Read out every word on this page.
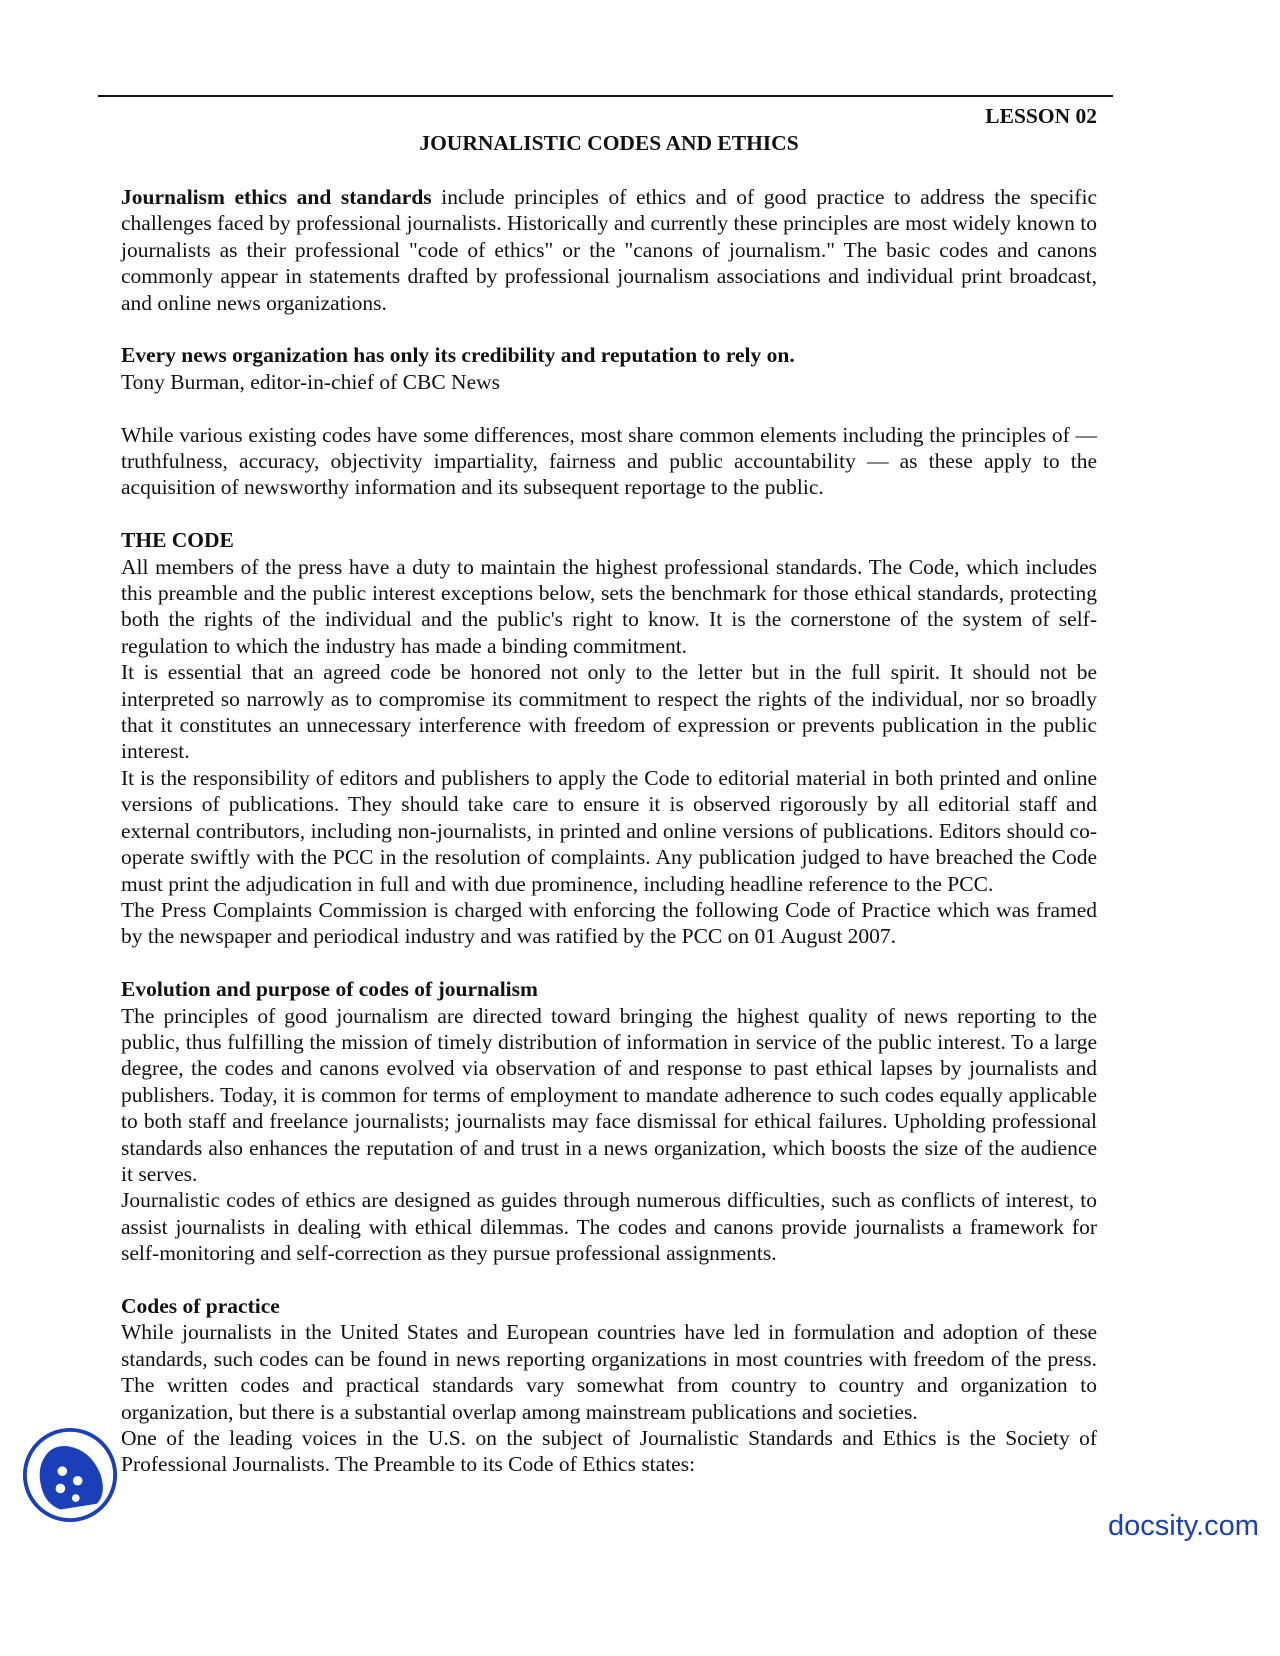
LESSON 02
JOURNALISTIC CODES AND ETHICS

Journalism ethics and standards include principles of ethics and of good practice to address the specific challenges faced by professional journalists. Historically and currently these principles are most widely known to journalists as their professional "code of ethics" or the "canons of journalism." The basic codes and canons commonly appear in statements drafted by professional journalism associations and individual print broadcast, and online news organizations.

Every news organization has only its credibility and reputation to rely on.

Tony Burman, editor-in-chief of CBC News

While various existing codes have some differences, most share common elements including the principles of — truthfulness, accuracy, objectivity impartiality, fairness and public accountability — as these apply to the acquisition of newsworthy information and its subsequent reportage to the public.

THE CODE

All members of the press have a duty to maintain the highest professional standards. The Code, which includes this preamble and the public interest exceptions below, sets the benchmark for those ethical standards, protecting both the rights of the individual and the public's right to know. It is the cornerstone of the system of self-regulation to which the industry has made a binding commitment.

It is essential that an agreed code be honored not only to the letter but in the full spirit. It should not be interpreted so narrowly as to compromise its commitment to respect the rights of the individual, nor so broadly that it constitutes an unnecessary interference with freedom of expression or prevents publication in the public interest.

It is the responsibility of editors and publishers to apply the Code to editorial material in both printed and online versions of publications. They should take care to ensure it is observed rigorously by all editorial staff and external contributors, including non-journalists, in printed and online versions of publications. Editors should co-operate swiftly with the PCC in the resolution of complaints. Any publication judged to have breached the Code must print the adjudication in full and with due prominence, including headline reference to the PCC.

The Press Complaints Commission is charged with enforcing the following Code of Practice which was framed by the newspaper and periodical industry and was ratified by the PCC on 01 August 2007.

Evolution and purpose of codes of journalism

The principles of good journalism are directed toward bringing the highest quality of news reporting to the public, thus fulfilling the mission of timely distribution of information in service of the public interest. To a large degree, the codes and canons evolved via observation of and response to past ethical lapses by journalists and publishers. Today, it is common for terms of employment to mandate adherence to such codes equally applicable to both staff and freelance journalists; journalists may face dismissal for ethical failures. Upholding professional standards also enhances the reputation of and trust in a news organization, which boosts the size of the audience it serves.

Journalistic codes of ethics are designed as guides through numerous difficulties, such as conflicts of interest, to assist journalists in dealing with ethical dilemmas. The codes and canons provide journalists a framework for self-monitoring and self-correction as they pursue professional assignments.

Codes of practice

While journalists in the United States and European countries have led in formulation and adoption of these standards, such codes can be found in news reporting organizations in most countries with freedom of the press. The written codes and practical standards vary somewhat from country to country and organization to organization, but there is a substantial overlap among mainstream publications and societies.

One of the leading voices in the U.S. on the subject of Journalistic Standards and Ethics is the Society of Professional Journalists. The Preamble to its Code of Ethics states:

docsity.com
